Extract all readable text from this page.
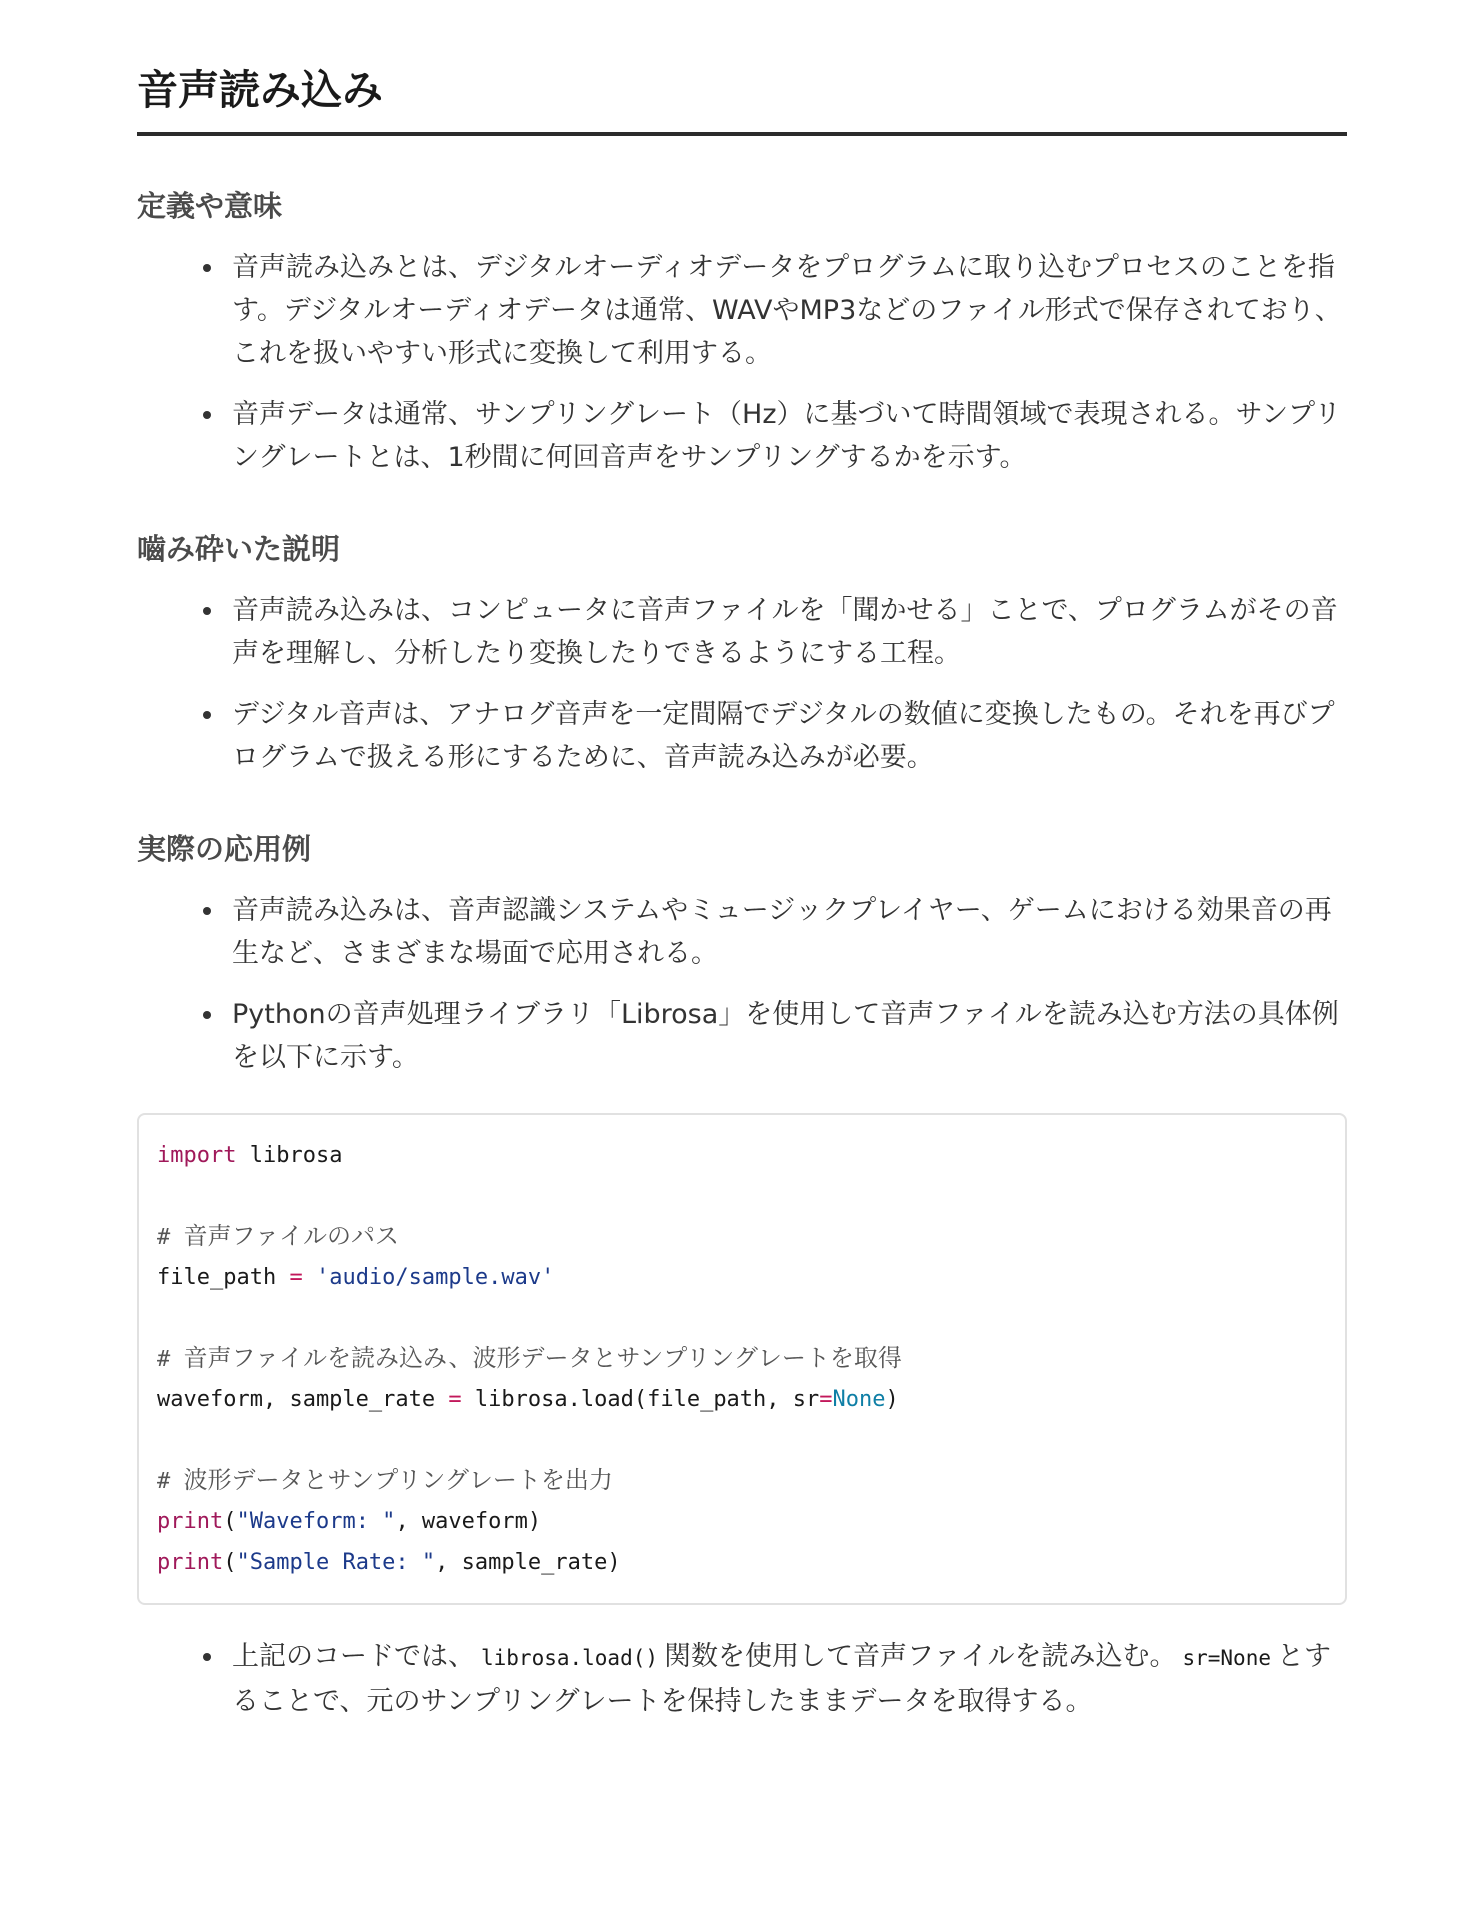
音声読み込み
定義や意味
音声読み込みとは、デジタルオーディオデータをプログラムに取り込むプロセスのことを指す。デジタルオーディオデータは通常、WAVやMP3などのファイル形式で保存されており、これを扱いやすい形式に変換して利用する。
音声データは通常、サンプリングレート（Hz）に基づいて時間領域で表現される。サンプリングレートとは、1秒間に何回音声をサンプリングするかを示す。
嚙み砕いた説明
音声読み込みは、コンピュータに音声ファイルを「聞かせる」ことで、プログラムがその音声を理解し、分析したり変換したりできるようにする工程。
デジタル音声は、アナログ音声を一定間隔でデジタルの数値に変換したもの。それを再びプログラムで扱える形にするために、音声読み込みが必要。
実際の応用例
音声読み込みは、音声認識システムやミュージックプレイヤー、ゲームにおける効果音の再生など、さまざまな場面で応用される。
Pythonの音声処理ライブラリ「Librosa」を使用して音声ファイルを読み込む方法の具体例を以下に示す。
import librosa
# 音声ファイルのパス
file_path = 'audio/sample.wav'
# 音声ファイルを読み込み、波形データとサンプリングレートを取得
waveform, sample_rate = librosa.load(file_path, sr=None)
# 波形データとサンプリングレートを出力
print("Waveform: ", waveform)
print("Sample Rate: ", sample_rate)
上記のコードでは、 librosa.load() 関数を使用して音声ファイルを読み込む。 sr=None とすることで、元のサンプリングレートを保持したままデータを取得する。
